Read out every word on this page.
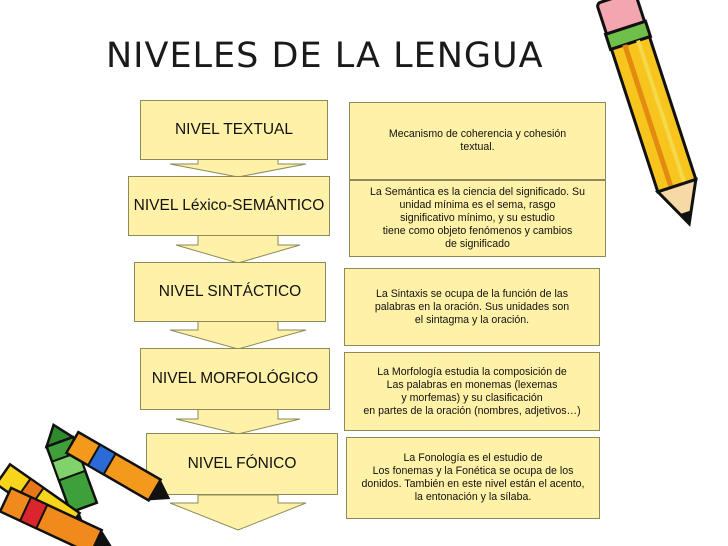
NIVELES DE LA LENGUA
NIVEL TEXTUAL
NIVEL Léxico-SEMÁNTICO
NIVEL SINTÁCTICO
NIVEL MORFOLÓGICO
NIVEL FÓNICO
Mecanismo de coherencia y cohesión
textual.
La Semántica es la ciencia del significado. Su
unidad mínima es el sema, rasgo
significativo mínimo, y su estudio
tiene como objeto fenómenos y cambios
de significado
La Sintaxis se ocupa de la función de las
palabras en la oración. Sus unidades son
el sintagma y la oración.
La Morfología estudia la composición de
Las palabras en monemas (lexemas
y morfemas) y su clasificación
en partes de la oración (nombres, adjetivos…)
La Fonología es el estudio de
Los fonemas y la Fonética se ocupa de los
donidos. También en este nivel están el acento,
la entonación y la sílaba.
